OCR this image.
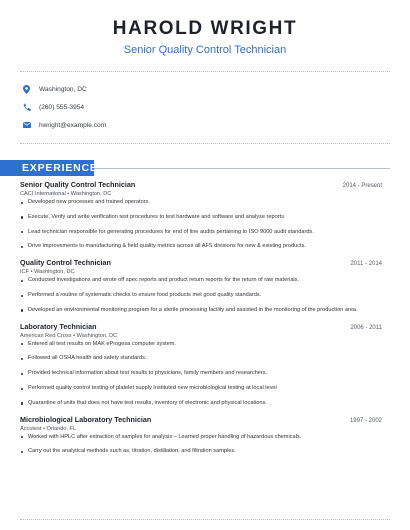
HAROLD WRIGHT
Senior Quality Control Technician
Washington, DC
(260) 555-3954
hwright@example.com
EXPERIENCE
Senior Quality Control Technician	2014 - Present
CACI International • Washington, DC
Developed new processes and trained operators.
Execute, Verify and write verification test procedures to test hardware and software and analyse reports.
Lead technician responsible for generating procedures for end of line audits pertaining to ISO 9000 audit standards.
Drive improvements to manufacturing & field quality metrics across all AFS divisions for new & existing products.
Quality Control Technician	2011 - 2014
ICF • Washington, DC
Conducted investigations and wrote off spec reports and product return reports for the return of raw materials.
Performed a routine of systematic checks to ensure food products met good quality standards.
Developed an environmental monitoring program for a sterile processing facility and assisted in the monitoring of the production area.
Laboratory Technician	2006 - 2011
American Red Cross • Washington, DC
Entered all test results on MAK eProgesa computer system.
Followed all OSHA health and safety standards.
Provided technical information about test results to physicians, family members and researchers.
Performed quality control testing of platelet supply Instituted new microbiological testing at local level
Quarantine of units that does not have test results, inventory of electronic and physical locations.
Microbiological Laboratory Technician	1997 - 2002
Accutest • Orlando, FL
Worked with HPLC after extraction of samples for analysis – Learned proper handling of hazardous chemicals.
Carry out the analytical methods such as, titration, distillation, and filtration samples.
